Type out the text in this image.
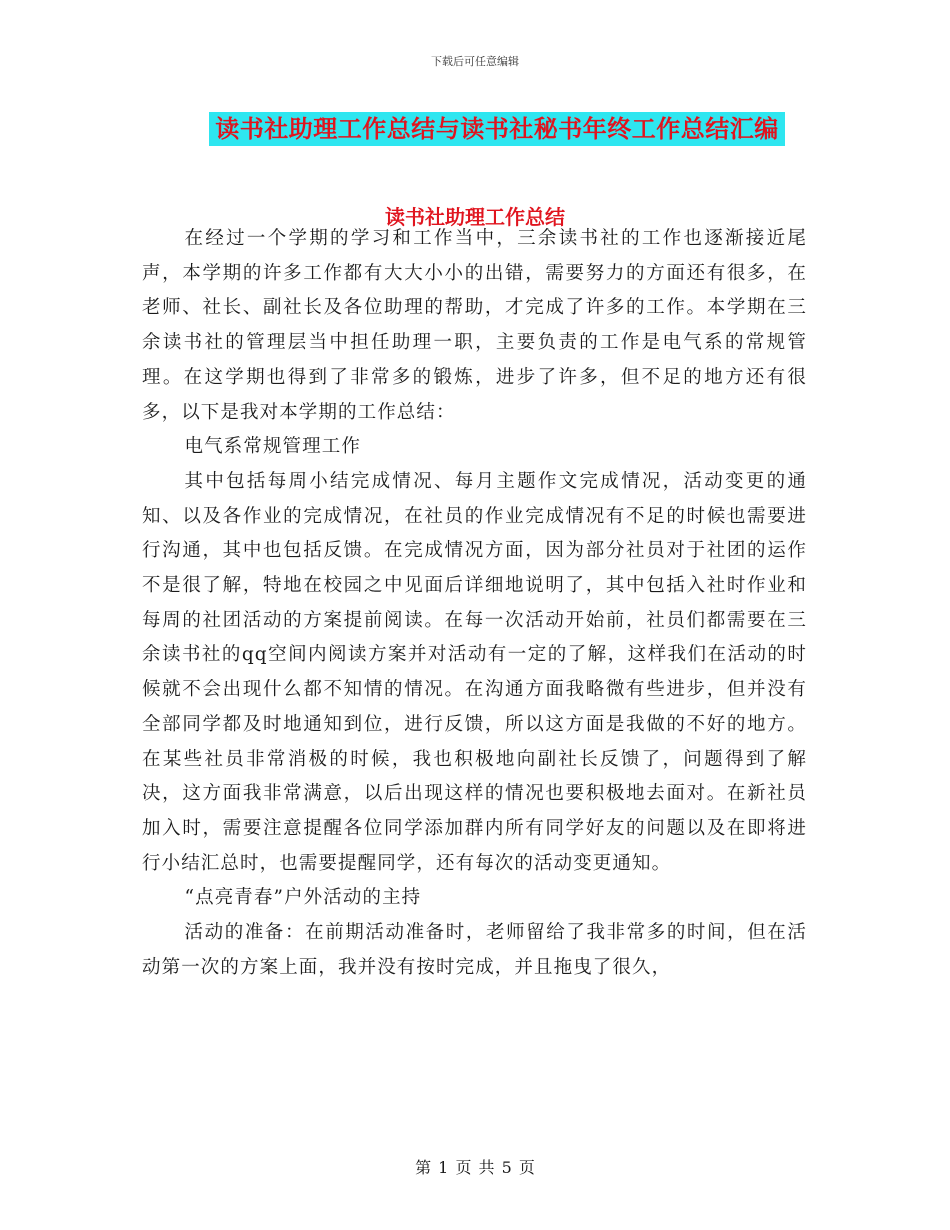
下载后可任意编辑
读书社助理工作总结与读书社秘书年终工作总结汇编
读书社助理工作总结

在经过一个学期的学习和工作当中，三余读书社的工作也逐渐接近尾声，本学期的许多工作都有大大小小的出错，需要努力的方面还有很多，在老师、社长、副社长及各位助理的帮助，才完成了许多的工作。本学期在三余读书社的管理层当中担任助理一职，主要负责的工作是电气系的常规管理。在这学期也得到了非常多的锻炼，进步了许多，但不足的地方还有很多，以下是我对本学期的工作总结：

电气系常规管理工作

其中包括每周小结完成情况、每月主题作文完成情况，活动变更的通知、以及各作业的完成情况，在社员的作业完成情况有不足的时候也需要进行沟通，其中也包括反馈。在完成情况方面，因为部分社员对于社团的运作不是很了解，特地在校园之中见面后详细地说明了，其中包括入社时作业和每周的社团活动的方案提前阅读。在每一次活动开始前，社员们都需要在三余读书社的qq空间内阅读方案并对活动有一定的了解，这样我们在活动的时候就不会出现什么都不知情的情况。在沟通方面我略微有些进步，但并没有全部同学都及时地通知到位，进行反馈，所以这方面是我做的不好的地方。在某些社员非常消极的时候，我也积极地向副社长反馈了，问题得到了解决，这方面我非常满意，以后出现这样的情况也要积极地去面对。在新社员加入时，需要注意提醒各位同学添加群内所有同学好友的问题以及在即将进行小结汇总时，也需要提醒同学，还有每次的活动变更通知。

“点亮青春”户外活动的主持

活动的准备：在前期活动准备时，老师留给了我非常多的时间，但在活动第一次的方案上面，我并没有按时完成，并且拖曳了很久，

第 1 页 共 5 页
